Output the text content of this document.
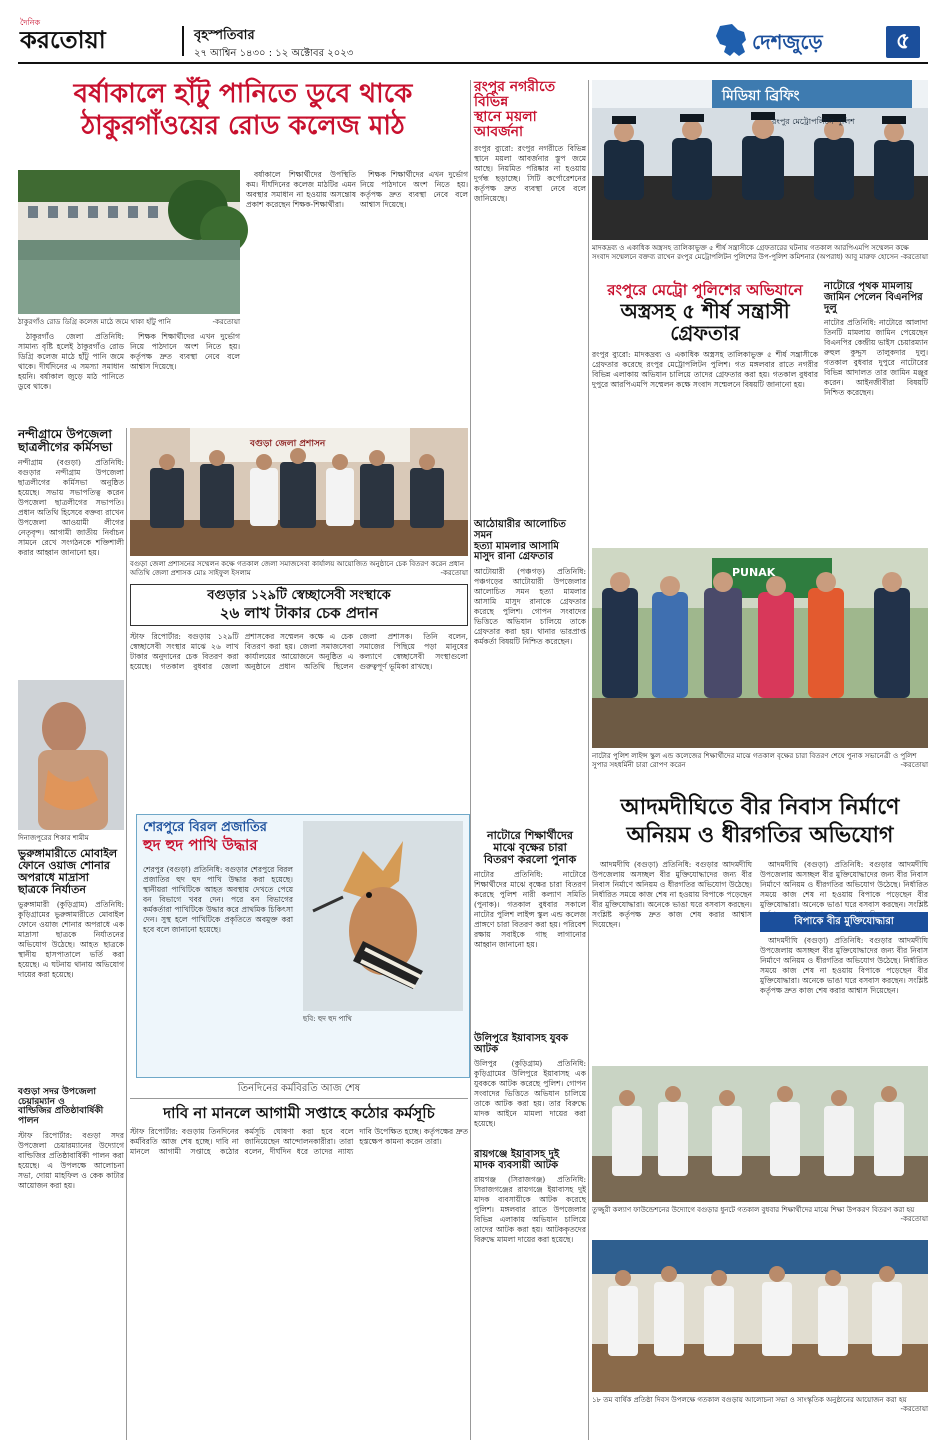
দৈনিক
করতোয়া	বৃহস্পতিবার
২৭ আশ্বিন ১৪৩০ : ১২ অক্টোবর ২০২৩	দেশজুড়ে	৫
বর্ষাকালে হাঁটু পানিতে ডুবে থাকে
ঠাকুরগাঁওয়ের রোড কলেজ মাঠ
ঠাকুরগাঁও রোড ডিগ্রি কলেজ মাঠে জমে থাকা হাঁটু পানি	-করতোয়া

ঠাকুরগাঁও জেলা প্রতিনিধি: সামান্য বৃষ্টি হলেই ঠাকুরগাঁও রোড ডিগ্রি কলেজ মাঠে হাঁটু পানি জমে থাকে। দীর্ঘদিনের এ সমস্যা সমাধান হয়নি। বর্ষাকাল জুড়ে মাঠ পানিতে ডুবে থাকে।

শিক্ষক শিক্ষার্থীদের এখন দুর্ভোগ নিয়ে পাঠদানে অংশ নিতে হয়। কর্তৃপক্ষ দ্রুত ব্যবস্থা নেবে বলে আশ্বাস দিয়েছে।

বর্ষাকালে শিক্ষার্থীদের উপস্থিতি কম। দীর্ঘদিনের কলেজ মাঠটির এমন অবস্থার সমাধান না হওয়ায় অসন্তোষ প্রকাশ করেছেন শিক্ষক-শিক্ষার্থীরা।

শিক্ষক শিক্ষার্থীদের এখন দুর্ভোগ নিয়ে পাঠদানে অংশ নিতে হয়। কর্তৃপক্ষ দ্রুত ব্যবস্থা নেবে বলে আশ্বাস দিয়েছে।

রংপুর নগরীতে বিভিন্ন
স্থানে ময়লা আবর্জনা
রংপুর ব্যুরো: রংপুর নগরীতে বিভিন্ন স্থানে ময়লা আবর্জনার স্তূপ জমে আছে। নিয়মিত পরিষ্কার না হওয়ায় দুর্গন্ধ ছড়াচ্ছে। সিটি কর্পোরেশনের কর্তৃপক্ষ দ্রুত ব্যবস্থা নেবে বলে জানিয়েছে।
মিডিয়া ব্রিফিং
রংপুর মেট্রোপলিটন পুলিশ
মাদকদ্রব্য ও একাধিক অস্ত্রসহ তালিকাভুক্ত ৫ শীর্ষ সন্ত্রাসীকে গ্রেফতারের ঘটনায় গতকাল আরপিএমপি সম্মেলন কক্ষে সংবাদ সম্মেলনে বক্তব্য রাখেন রংপুর মেট্রোপলিটন পুলিশের উপ-পুলিশ কমিশনার (অপরাধ) আবু মারুফ হোসেন -করতোয়া
রংপুরে মেট্রো পুলিশের অভিযানে
অস্ত্রসহ ৫ শীর্ষ সন্ত্রাসী গ্রেফতার
রংপুর ব্যুরো: মাদকদ্রব্য ও একাধিক অস্ত্রসহ তালিকাভুক্ত ৫ শীর্ষ সন্ত্রাসীকে গ্রেফতার করেছে রংপুর মেট্রোপলিটন পুলিশ। গত মঙ্গলবার রাতে নগরীর বিভিন্ন এলাকায় অভিযান চালিয়ে তাদের গ্রেফতার করা হয়। গতকাল বুধবার দুপুরে আরপিএমপি সম্মেলন কক্ষে সংবাদ সম্মেলনে বিষয়টি জানানো হয়।
নাটোরে পৃথক মামলায়
জামিন পেলেন বিএনপির দুলু
নাটোর প্রতিনিধি: নাটোরে আলাদা তিনটি মামলায় জামিন পেয়েছেন বিএনপির কেন্দ্রীয় ভাইস চেয়ারম্যান রুহুল কুদ্দুস তালুকদার দুলু। গতকাল বুধবার দুপুরে নাটোরের বিভিন্ন আদালত তার জামিন মঞ্জুর করেন। আইনজীবীরা বিষয়টি নিশ্চিত করেছেন।
নন্দীগ্রামে উপজেলা
ছাত্রলীগের কর্মিসভা
নন্দীগ্রাম (বগুড়া) প্রতিনিধি: বগুড়ার নন্দীগ্রাম উপজেলা ছাত্রলীগের কর্মিসভা অনুষ্ঠিত হয়েছে। সভায় সভাপতিত্ব করেন উপজেলা ছাত্রলীগের সভাপতি। প্রধান অতিথি হিসেবে বক্তব্য রাখেন উপজেলা আওয়ামী লীগের নেতৃবৃন্দ। আগামী জাতীয় নির্বাচন সামনে রেখে সংগঠনকে শক্তিশালী করার আহ্বান জানানো হয়।
বগুড়া জেলা প্রশাসন
বগুড়া জেলা প্রশাসনের সম্মেলন কক্ষে গতকাল জেলা সমাজসেবা কার্যালয় আয়োজিত অনুষ্ঠানে চেক বিতরণ করেন প্রধান অতিথি জেলা প্রশাসক মোঃ সাইফুল ইসলাম	-করতোয়া
বগুড়ার ১২৯টি স্বেচ্ছাসেবী সংস্থাকে
২৬ লাখ টাকার চেক প্রদান
স্টাফ রিপোর্টার: বগুড়ায় ১২৯টি স্বেচ্ছাসেবী সংস্থার মাঝে ২৬ লাখ টাকার অনুদানের চেক বিতরণ করা হয়েছে। গতকাল বুধবার জেলা প্রশাসকের সম্মেলন কক্ষে এ চেক বিতরণ করা হয়। জেলা সমাজসেবা কার্যালয়ের আয়োজনে অনুষ্ঠিত এ অনুষ্ঠানে প্রধান অতিথি ছিলেন জেলা প্রশাসক। তিনি বলেন, সমাজের পিছিয়ে পড়া মানুষের কল্যাণে স্বেচ্ছাসেবী সংস্থাগুলো গুরুত্বপূর্ণ ভূমিকা রাখছে।
আঠোয়ারীর আলোচিত সমন
হত্যা মামলার আসামি
মাসুদ রানা গ্রেফতার
আটোয়ারী (পঞ্চগড়) প্রতিনিধি: পঞ্চগড়ের আটোয়ারী উপজেলার আলোচিত সমন হত্যা মামলার আসামি মাসুদ রানাকে গ্রেফতার করেছে পুলিশ। গোপন সংবাদের ভিত্তিতে অভিযান চালিয়ে তাকে গ্রেফতার করা হয়। থানার ভারপ্রাপ্ত কর্মকর্তা বিষয়টি নিশ্চিত করেছেন।
PUNAK
নাটোর পুলিশ লাইন্স স্কুল এন্ড কলেজের শিক্ষার্থীদের মাঝে গতকাল বৃক্ষের চারা বিতরণ শেষে পুনাক সভানেত্রী ও পুলিশ সুপার সহধর্মিনী চারা রোপণ করেন	-করতোয়া
আদমদীঘিতে বীর নিবাস নির্মাণে
অনিয়ম ও ধীরগতির অভিযোগ

আদমদীঘি (বগুড়া) প্রতিনিধি: বগুড়ার আদমদীঘি উপজেলায় অসচ্ছল বীর মুক্তিযোদ্ধাদের জন্য বীর নিবাস নির্মাণে অনিয়ম ও ধীরগতির অভিযোগ উঠেছে। নির্ধারিত সময়ে কাজ শেষ না হওয়ায় বিপাকে পড়েছেন বীর মুক্তিযোদ্ধারা। অনেকে ভাঙা ঘরে বসবাস করছেন। সংশ্লিষ্ট কর্তৃপক্ষ দ্রুত কাজ শেষ করার আশ্বাস দিয়েছেন।

আদমদীঘি (বগুড়া) প্রতিনিধি: বগুড়ার আদমদীঘি উপজেলায় অসচ্ছল বীর মুক্তিযোদ্ধাদের জন্য বীর নিবাস নির্মাণে অনিয়ম ও ধীরগতির অভিযোগ উঠেছে। নির্ধারিত সময়ে কাজ শেষ না হওয়ায় বিপাকে পড়েছেন বীর মুক্তিযোদ্ধারা। অনেকে ভাঙা ঘরে বসবাস করছেন। সংশ্লিষ্ট

বিপাকে বীর মুক্তিযোদ্ধারা

আদমদীঘি (বগুড়া) প্রতিনিধি: বগুড়ার আদমদীঘি উপজেলায় অসচ্ছল বীর মুক্তিযোদ্ধাদের জন্য বীর নিবাস নির্মাণে অনিয়ম ও ধীরগতির অভিযোগ উঠেছে। নির্ধারিত সময়ে কাজ শেষ না হওয়ায় বিপাকে পড়েছেন বীর মুক্তিযোদ্ধারা। অনেকে ভাঙা ঘরে বসবাস করছেন। সংশ্লিষ্ট কর্তৃপক্ষ দ্রুত কাজ শেষ করার আশ্বাস দিয়েছেন।

দিনাজপুরের শিকার শামীম
ভুরুঙ্গামারীতে মোবাইল
ফোনে ওয়াজ শোনার
অপরাধে মাদ্রাসা
ছাত্রকে নির্যাতন
ভুরুঙ্গামারী (কুড়িগ্রাম) প্রতিনিধি: কুড়িগ্রামের ভুরুঙ্গামারীতে মোবাইল ফোনে ওয়াজ শোনার অপরাধে এক মাদ্রাসা ছাত্রকে নির্যাতনের অভিযোগ উঠেছে। আহত ছাত্রকে স্থানীয় হাসপাতালে ভর্তি করা হয়েছে। এ ঘটনায় থানায় অভিযোগ দায়ের করা হয়েছে।
শেরপুরে বিরল প্রজাতির
হুদ হুদ পাখি উদ্ধার
শেরপুর (বগুড়া) প্রতিনিধি: বগুড়ার শেরপুরে বিরল প্রজাতির হুদ হুদ পাখি উদ্ধার করা হয়েছে। স্থানীয়রা পাখিটিকে আহত অবস্থায় দেখতে পেয়ে বন বিভাগে খবর দেন। পরে বন বিভাগের কর্মকর্তারা পাখিটিকে উদ্ধার করে প্রাথমিক চিকিৎসা দেন। সুস্থ হলে পাখিটিকে প্রকৃতিতে অবমুক্ত করা হবে বলে জানানো হয়েছে।
ছবি: হুদ হুদ পাখি
নাটোরে শিক্ষার্থীদের
মাঝে বৃক্ষের চারা
বিতরণ করলো পুনাক
নাটোর প্রতিনিধি: নাটোরে শিক্ষার্থীদের মাঝে বৃক্ষের চারা বিতরণ করেছে পুলিশ নারী কল্যাণ সমিতি (পুনাক)। গতকাল বুধবার সকালে নাটোর পুলিশ লাইন্স স্কুল এন্ড কলেজ প্রাঙ্গণে চারা বিতরণ করা হয়। পরিবেশ রক্ষায় সবাইকে গাছ লাগানোর আহ্বান জানানো হয়।
উলিপুরে ইয়াবাসহ যুবক আটক
উলিপুর (কুড়িগ্রাম) প্রতিনিধি: কুড়িগ্রামের উলিপুরে ইয়াবাসহ এক যুবককে আটক করেছে পুলিশ। গোপন সংবাদের ভিত্তিতে অভিযান চালিয়ে তাকে আটক করা হয়। তার বিরুদ্ধে মাদক আইনে মামলা দায়ের করা হয়েছে।
রায়গঞ্জে ইয়াবাসহ দুই
মাদক ব্যবসায়ী আটক
রায়গঞ্জ (সিরাজগঞ্জ) প্রতিনিধি: সিরাজগঞ্জের রায়গঞ্জে ইয়াবাসহ দুই মাদক ব্যবসায়ীকে আটক করেছে পুলিশ। মঙ্গলবার রাতে উপজেলার বিভিন্ন এলাকায় অভিযান চালিয়ে তাদের আটক করা হয়। আটককৃতদের বিরুদ্ধে মামলা দায়ের করা হয়েছে।
তুজ্জুরী কল্যাণ ফাউন্ডেশনের উদ্যোগে বগুড়ার ধুনটে গতকাল বুধবার শিক্ষার্থীদের মাঝে শিক্ষা উপকরণ বিতরণ করা হয়
-করতোয়া
১৮ তম বার্ষিক প্রতিষ্ঠা দিবস উপলক্ষে গতকাল বগুড়ায় আলোচনা সভা ও সাংস্কৃতিক অনুষ্ঠানের আয়োজন করা হয়
-করতোয়া
বগুড়া সদর উপজেলা চেয়ারম্যান ও
বাল্ডিজির প্রতিষ্ঠাবার্ষিকী পালন
স্টাফ রিপোর্টার: বগুড়া সদর উপজেলা চেয়ারম্যানের উদ্যোগে বাল্ডিজির প্রতিষ্ঠাবার্ষিকী পালন করা হয়েছে। এ উপলক্ষে আলোচনা সভা, দোয়া মাহফিল ও কেক কাটার আয়োজন করা হয়।
তিনদিনের কর্মবিরতি আজ শেষ
দাবি না মানলে আগামী সপ্তাহে কঠোর কর্মসূচি
স্টাফ রিপোর্টার: বগুড়ায় তিনদিনের কর্মবিরতি আজ শেষ হচ্ছে। দাবি না মানলে আগামী সপ্তাহে কঠোর কর্মসূচি ঘোষণা করা হবে বলে জানিয়েছেন আন্দোলনকারীরা। তারা বলেন, দীর্ঘদিন ধরে তাদের ন্যায্য দাবি উপেক্ষিত হচ্ছে। কর্তৃপক্ষের দ্রুত হস্তক্ষেপ কামনা করেন তারা।
